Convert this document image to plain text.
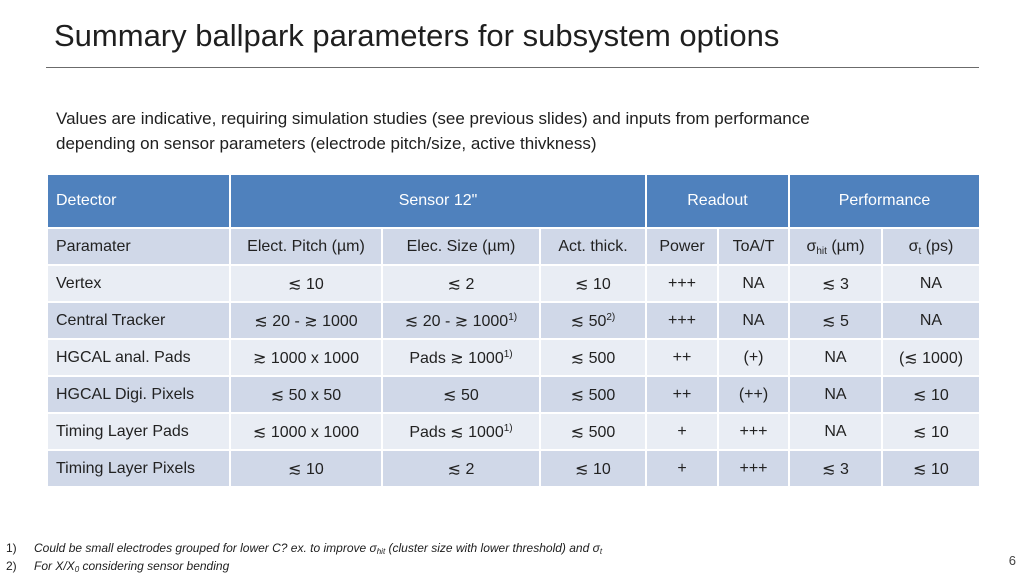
Summary ballpark parameters for subsystem options
Values are indicative, requiring simulation studies (see previous slides) and inputs from performance
depending on sensor parameters (electrode pitch/size, active thivkness)
Detector	Sensor 12"			Readout		Performance	
Paramater	Elect. Pitch (µm)	Elec. Size (µm)	Act. thick.	Power	ToA/T	$\sigma_{hit}$ (µm)	$\sigma_t$ (ps)
Vertex	≲ 10	≲ 2	≲ 10	+++	NA	≲ 3	NA
Central Tracker	≲ 20 - ≳ 1000	≲ 20 - ≳ 1000$^{1)}$	≲ $50^{2)}$	+++	NA	≲ 5	NA
HGCAL anal. Pads	≳ 1000 x 1000	Pads ≳ 1000$^{1)}$	≲ 500	++	(+)	NA	(≲ 1000)
HGCAL Digi. Pixels	≲ 50 x 50	≲ 50	≲ 500	++	(++)	NA	≲ 10
Timing Layer Pads	≲ 1000 x 1000	Pads ≲ 1000$^{1)}$	≲ 500	+	+++	NA	≲ 10
Timing Layer Pixels	≲ 10	≲ 2	≲ 10	+	+++	≲ 3	≲ 10
1) Could be small electrodes grouped for lower C? ex. to improve $\sigma_{hit}$ (cluster size with lower threshold) and $\sigma_t$
2) For $X/X_0$ considering sensor bending	6
